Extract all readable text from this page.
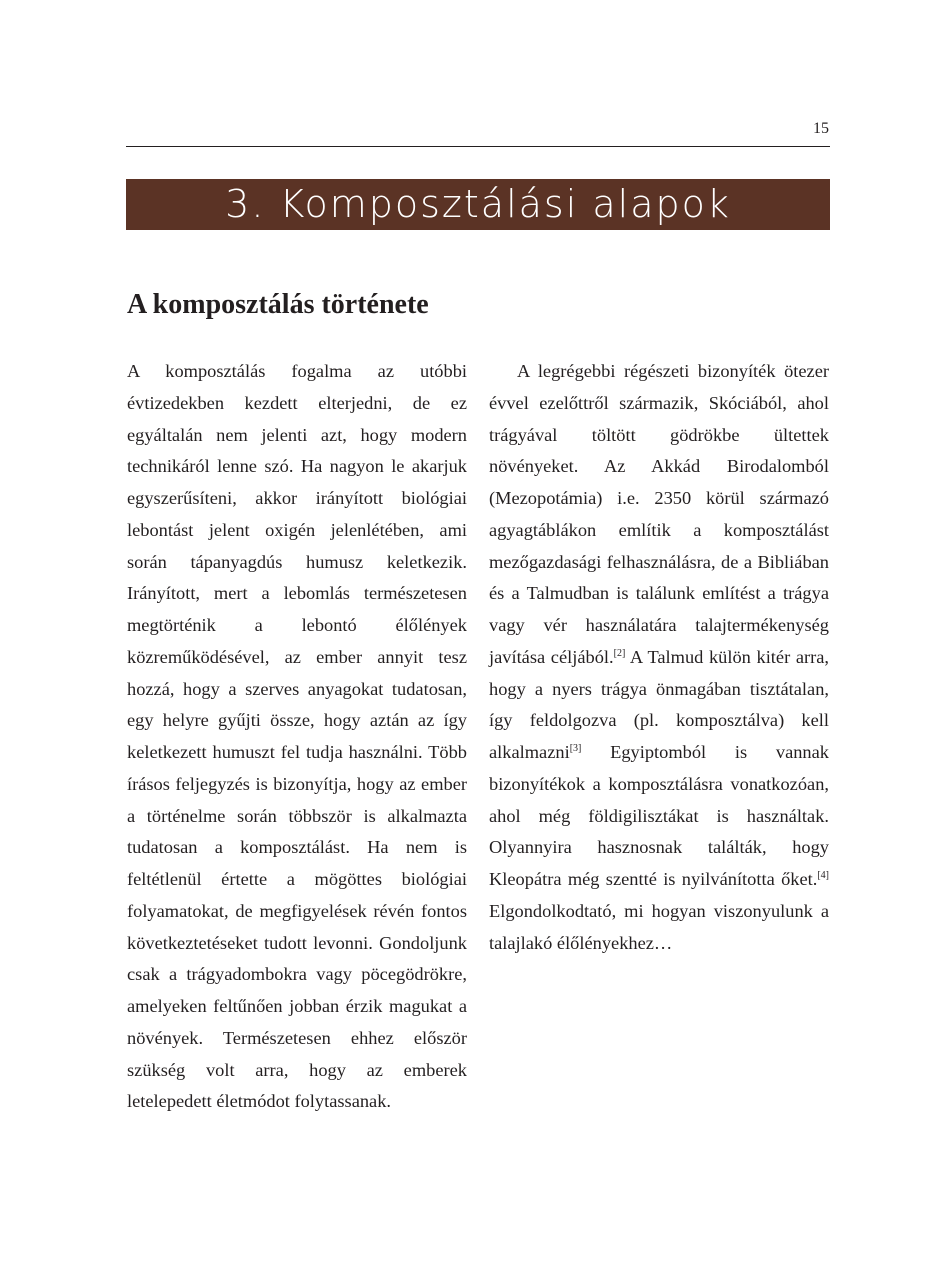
15
3. Komposztálási alapok
A komposztálás története

A komposztálás fogalma az utóbbi évtizedekben kezdett elterjedni, de ez egyáltalán nem jelenti azt, hogy modern technikáról lenne szó. Ha nagyon le akarjuk egyszerűsíteni, akkor irányított biológiai lebontást jelent oxigén jelenlétében, ami során tápanyagdús humusz keletkezik. Irányított, mert a lebomlás természetesen megtörténik a lebontó élőlények közreműködésével, az ember annyit tesz hozzá, hogy a szerves anyagokat tudatosan, egy helyre gyűjti össze, hogy aztán az így keletkezett humuszt fel tudja használni. Több írásos feljegyzés is bizonyítja, hogy az ember a történelme során többször is alkalmazta tudatosan a komposztálást. Ha nem is feltétlenül értette a mögöttes biológiai folyamatokat, de megfigyelések révén fontos következtetéseket tudott levonni. Gondoljunk csak a trágyadombokra vagy pöcegödrökre, amelyeken feltűnően jobban érzik magukat a növények. Természetesen ehhez először szükség volt arra, hogy az emberek letelepedett életmódot folytassanak.

A legrégebbi régészeti bizonyíték ötezer évvel ezelőttről származik, Skóciából, ahol trágyával töltött gödrökbe ültettek növényeket. Az Akkád Birodalomból (Mezopotámia) i.e. 2350 körül származó agyagtáblákon említik a komposztálást mezőgazdasági felhasználásra, de a Bibliában és a Talmudban is találunk említést a trágya vagy vér használatára talajtermékenység javítása céljából.[2] A Talmud külön kitér arra, hogy a nyers trágya önmagában tisztátalan, így feldolgozva (pl. komposztálva) kell alkalmazni[3] Egyiptomból is vannak bizonyítékok a komposztálásra vonatkozóan, ahol még földigilisztákat is használtak. Olyannyira hasznosnak találták, hogy Kleopátra még szentté is nyilvánította őket.[4] Elgondolkodtató, mi hogyan viszonyulunk a talajlakó élőlényekhez…
